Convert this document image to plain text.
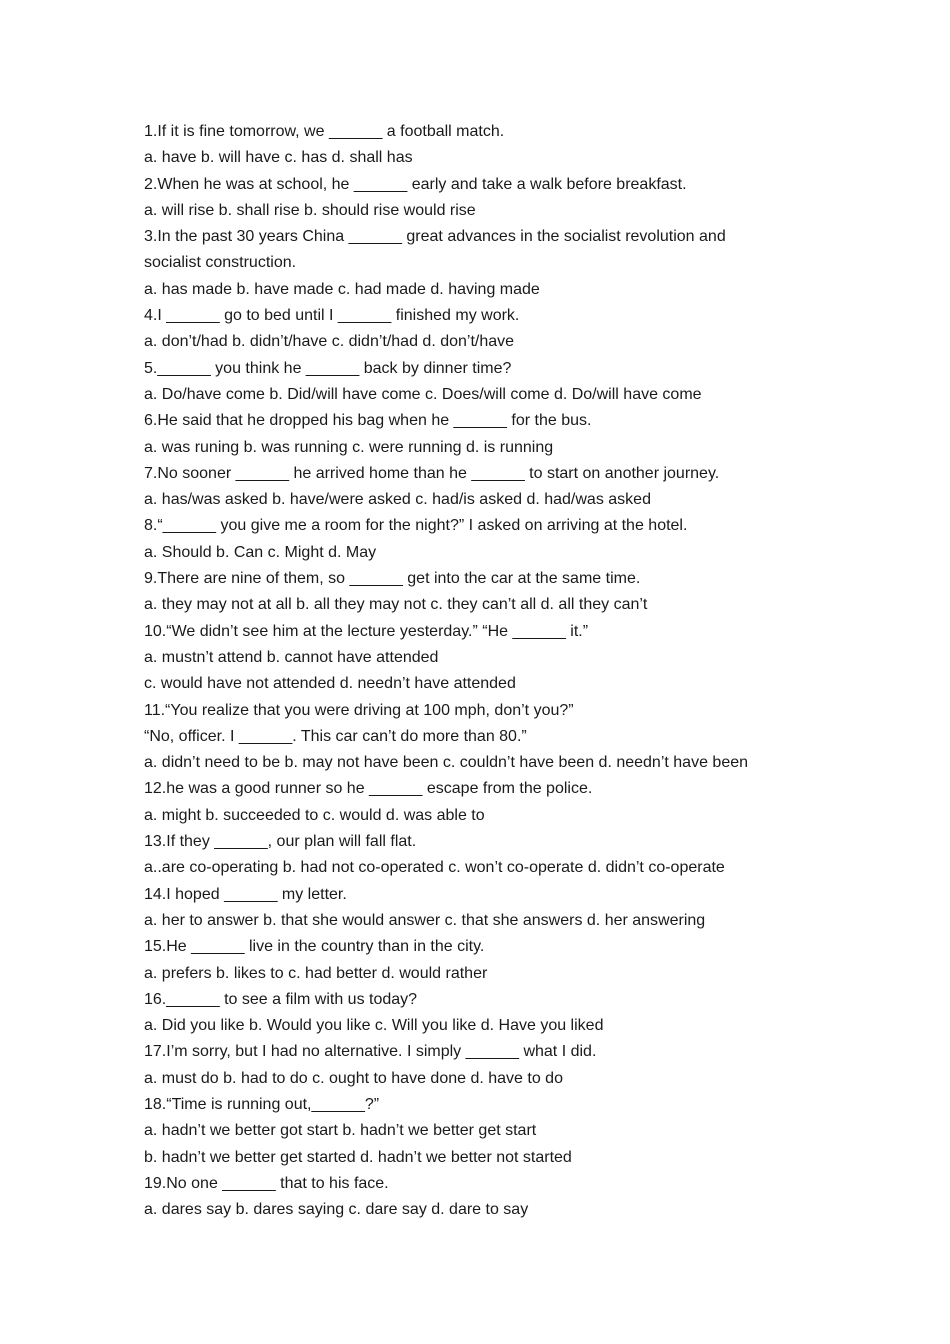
1.If it is fine tomorrow, we ______ a football match.

a. have b. will have c. has d. shall has

2.When he was at school, he ______ early and take a walk before breakfast.

a. will rise b. shall rise b. should rise would rise

3.In the past 30 years China ______ great advances in the socialist revolution and

socialist construction.

a. has made b. have made c. had made d. having made

4.I ______ go to bed until I ______ finished my work.

a. don’t/had b. didn’t/have c. didn’t/had d. don’t/have

5.______ you think he ______ back by dinner time?

a. Do/have come b. Did/will have come c. Does/will come d. Do/will have come

6.He said that he dropped his bag when he ______ for the bus.

a. was runing b. was running c. were running d. is running

7.No sooner ______ he arrived home than he ______ to start on another journey.

a. has/was asked b. have/were asked c. had/is asked d. had/was asked

8.“______ you give me a room for the night?” I asked on arriving at the hotel.

a. Should b. Can c. Might d. May

9.There are nine of them, so ______ get into the car at the same time.

a. they may not at all b. all they may not c. they can’t all d. all they can’t

10.“We didn’t see him at the lecture yesterday.” “He ______ it.”

a. mustn’t attend b. cannot have attended

c. would have not attended d. needn’t have attended

11.“You realize that you were driving at 100 mph, don’t you?”

“No, officer. I ______. This car can’t do more than 80.”

a. didn’t need to be b. may not have been c. couldn’t have been d. needn’t have been

12.he was a good runner so he ______ escape from the police.

a. might b. succeeded to c. would d. was able to

13.If they ______, our plan will fall flat.

a..are co-operating b. had not co-operated c. won’t co-operate d. didn’t co-operate

14.I hoped ______ my letter.

a. her to answer b. that she would answer c. that she answers d. her answering

15.He ______ live in the country than in the city.

a. prefers b. likes to c. had better d. would rather

16.______ to see a film with us today?

a. Did you like b. Would you like c. Will you like d. Have you liked

17.I’m sorry, but I had no alternative. I simply ______ what I did.

a. must do b. had to do c. ought to have done d. have to do

18.“Time is running out,______?”

a. hadn’t we better got start b. hadn’t we better get start

b. hadn’t we better get started d. hadn’t we better not started

19.No one ______ that to his face.

a. dares say b. dares saying c. dare say d. dare to say
